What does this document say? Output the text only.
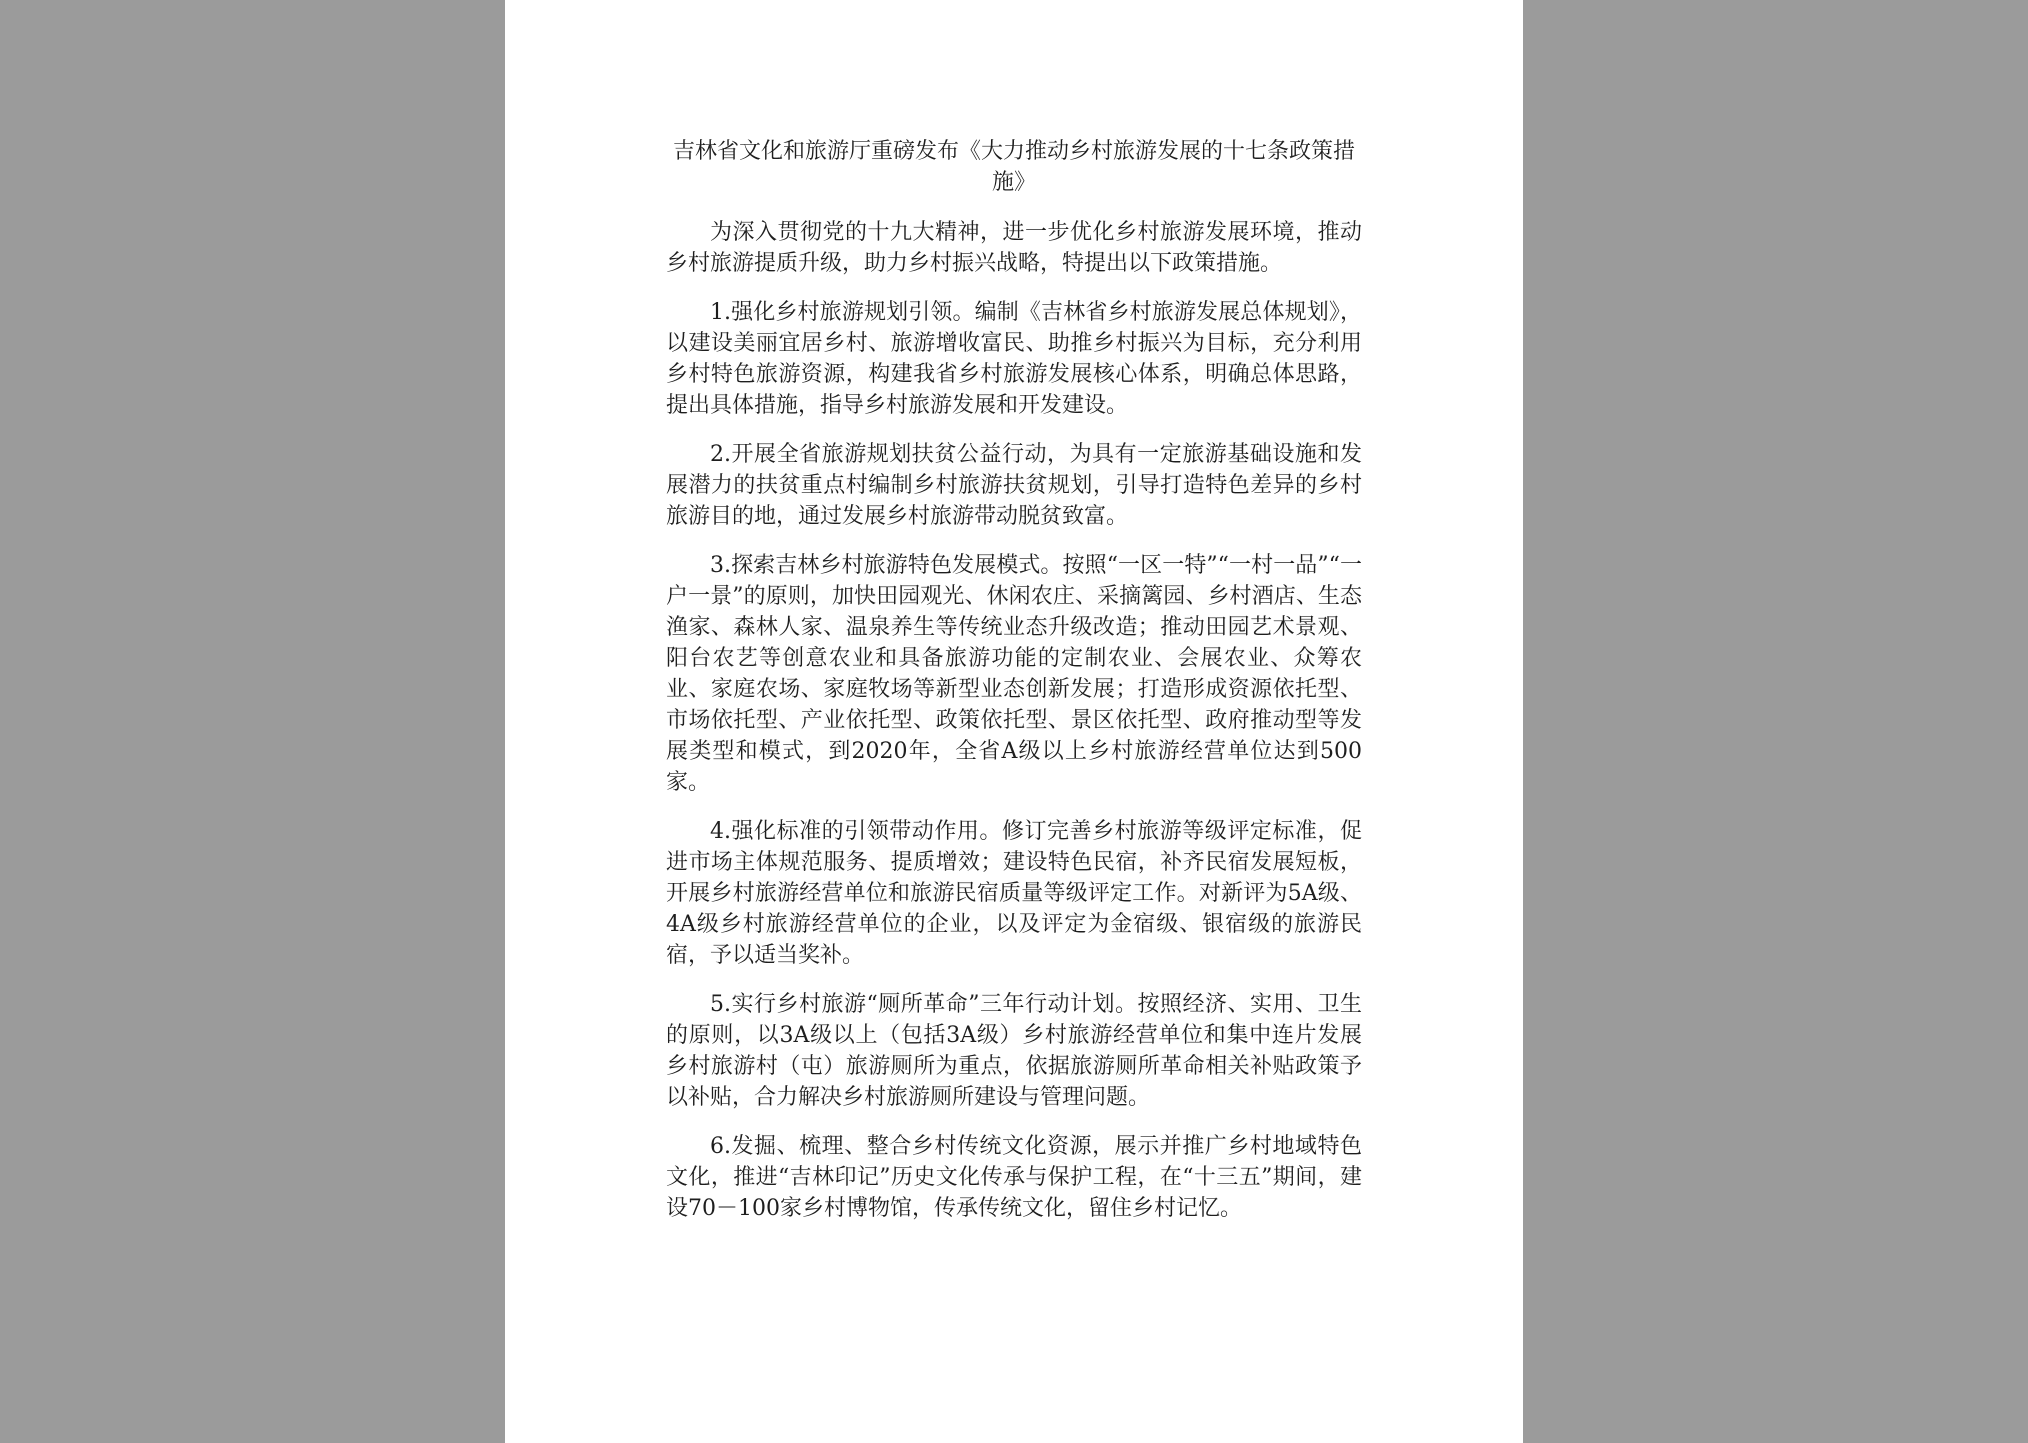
吉林省文化和旅游厅重磅发布《大力推动乡村旅游发展的十七条政策措施》

为深入贯彻党的十九大精神，进一步优化乡村旅游发展环境，推动乡村旅游提质升级，助力乡村振兴战略，特提出以下政策措施。

1.强化乡村旅游规划引领。编制《吉林省乡村旅游发展总体规划》，以建设美丽宜居乡村、旅游增收富民、助推乡村振兴为目标，充分利用乡村特色旅游资源，构建我省乡村旅游发展核心体系，明确总体思路，提出具体措施，指导乡村旅游发展和开发建设。

2.开展全省旅游规划扶贫公益行动，为具有一定旅游基础设施和发展潜力的扶贫重点村编制乡村旅游扶贫规划，引导打造特色差异的乡村旅游目的地，通过发展乡村旅游带动脱贫致富。

3.探索吉林乡村旅游特色发展模式。按照“一区一特”“一村一品”“一户一景”的原则，加快田园观光、休闲农庄、采摘篱园、乡村酒店、生态渔家、森林人家、温泉养生等传统业态升级改造；推动田园艺术景观、阳台农艺等创意农业和具备旅游功能的定制农业、会展农业、众筹农业、家庭农场、家庭牧场等新型业态创新发展；打造形成资源依托型、市场依托型、产业依托型、政策依托型、景区依托型、政府推动型等发展类型和模式，到2020年，全省A级以上乡村旅游经营单位达到500家。

4.强化标准的引领带动作用。修订完善乡村旅游等级评定标准，促进市场主体规范服务、提质增效；建设特色民宿，补齐民宿发展短板，开展乡村旅游经营单位和旅游民宿质量等级评定工作。对新评为5A级、4A级乡村旅游经营单位的企业，以及评定为金宿级、银宿级的旅游民宿，予以适当奖补。

5.实行乡村旅游“厕所革命”三年行动计划。按照经济、实用、卫生的原则，以3A级以上（包括3A级）乡村旅游经营单位和集中连片发展乡村旅游村（屯）旅游厕所为重点，依据旅游厕所革命相关补贴政策予以补贴，合力解决乡村旅游厕所建设与管理问题。

6.发掘、梳理、整合乡村传统文化资源，展示并推广乡村地域特色文化，推进“吉林印记”历史文化传承与保护工程，在“十三五”期间，建设70－100家乡村博物馆，传承传统文化，留住乡村记忆。
